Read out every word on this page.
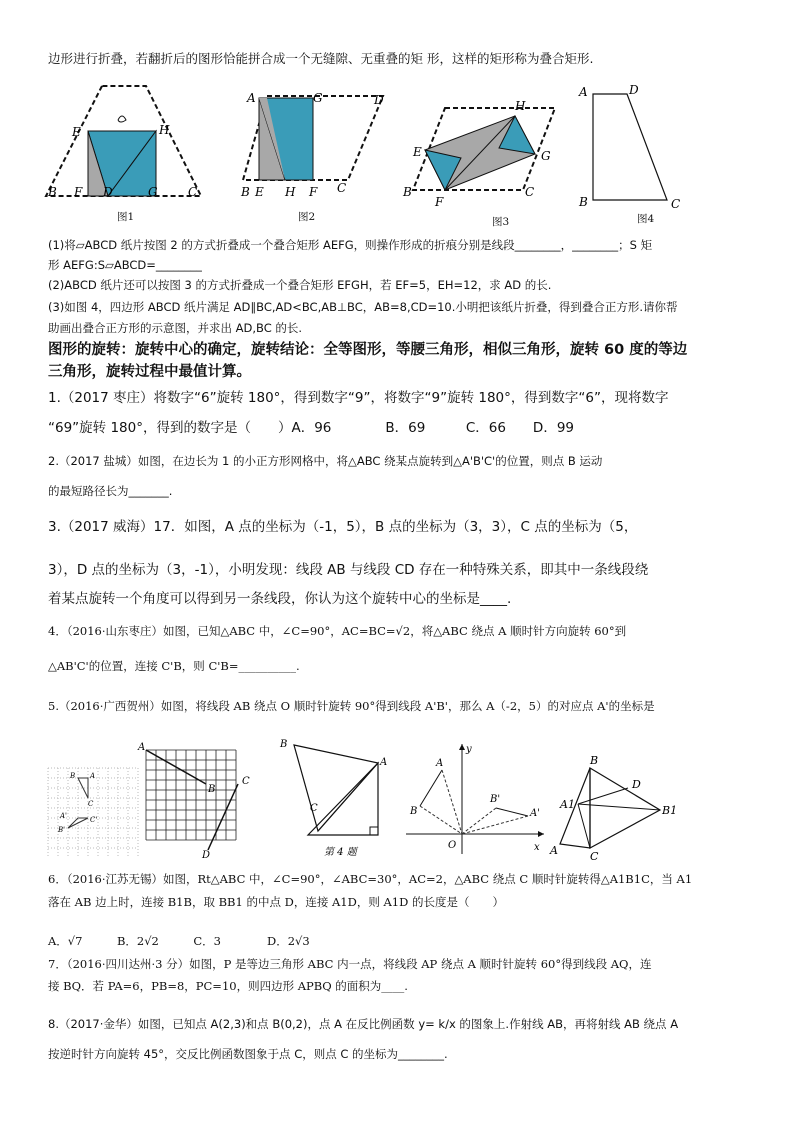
边形进行折叠，若翻折后的图形恰能拼合成一个无缝隙、无重叠的矩 形，这样的矩形称为叠合矩形.
E	H
B F D	G	C
图1
A	G	D
B E H F C
图2
H
E	G
B
F
C
图3
A	D
B	C
图4
(1)将▱ABCD 纸片按图 2 的方式折叠成一个叠合矩形 AEFG，则操作形成的折痕分别是线段________，________；S 矩
形 AEFG:S▱ABCD=________
(2)ABCD 纸片还可以按图 3 的方式折叠成一个叠合矩形 EFGH，若 EF=5，EH=12，求 AD 的长.
(3)如图 4，四边形 ABCD 纸片满足 AD∥BC,AD<BC,AB⊥BC，AB=8,CD=10.小明把该纸片折叠，得到叠合正方形.请你帮
助画出叠合正方形的示意图，并求出 AD,BC 的长.
图形的旋转：旋转中心的确定，旋转结论：全等图形，等腰三角形，相似三角形，旋转 60 度的等边
三角形，旋转过程中最值计算。
1.（2017 枣庄）将数字“6”旋转 180°，得到数字“9”，将数字“9”旋转 180°，得到数字“6”，现将数字
“69”旋转 180°，得到的数字是（　　）A．96　　　　B．69　　　C．66　　D．99
2.（2017 盐城）如图，在边长为 1 的小正方形网格中，将△ABC 绕某点旋转到△A'B'C'的位置，则点 B 运动
的最短路径长为_______.
3.（2017 威海）17．如图，A 点的坐标为（-1，5），B 点的坐标为（3，3），C 点的坐标为（5，
3），D 点的坐标为（3，-1），小明发现：线段 AB 与线段 CD 存在一种特殊关系，即其中一条线段绕
着某点旋转一个角度可以得到另一条线段，你认为这个旋转中心的坐标是____.
4．（2016·山东枣庄）如图，已知△ABC 中，∠C=90°，AC=BC=√2，将△ABC 绕点 A 顺时针方向旋转 60°到
△AB'C'的位置，连接 C'B，则 C'B=__________.
5.（2016·广西贺州）如图，将线段 AB 绕点 O 顺时针旋转 90°得到线段 A'B'，那么 A（-2，5）的对应点 A'的坐标是
B A
C
B'
C'
A'
A
B
C
D
B
C
A
第 4 题
y
A
B
B'
A'
O	x
B
D
A1	B1
A	C
6．（2016·江苏无锡）如图，Rt△ABC 中，∠C=90°，∠ABC=30°，AC=2，△ABC 绕点 C 顺时针旋转得△A1B1C，当 A1
落在 AB 边上时，连接 B1B，取 BB1 的中点 D，连接 A1D，则 A1D 的长度是（　　）
A．√7　　　B．2√2　　　C．3　　　　D．2√3
7．（2016·四川达州·3 分）如图，P 是等边三角形 ABC 内一点，将线段 AP 绕点 A 顺时针旋转 60°得到线段 AQ，连
接 BQ．若 PA=6，PB=8，PC=10，则四边形 APBQ 的面积为____.
8.（2017·金华）如图，已知点 A(2,3)和点 B(0,2)，点 A 在反比例函数 y= k/x 的图象上.作射线 AB，再将射线 AB 绕点 A
按逆时针方向旋转 45°，交反比例函数图象于点 C，则点 C 的坐标为________.
